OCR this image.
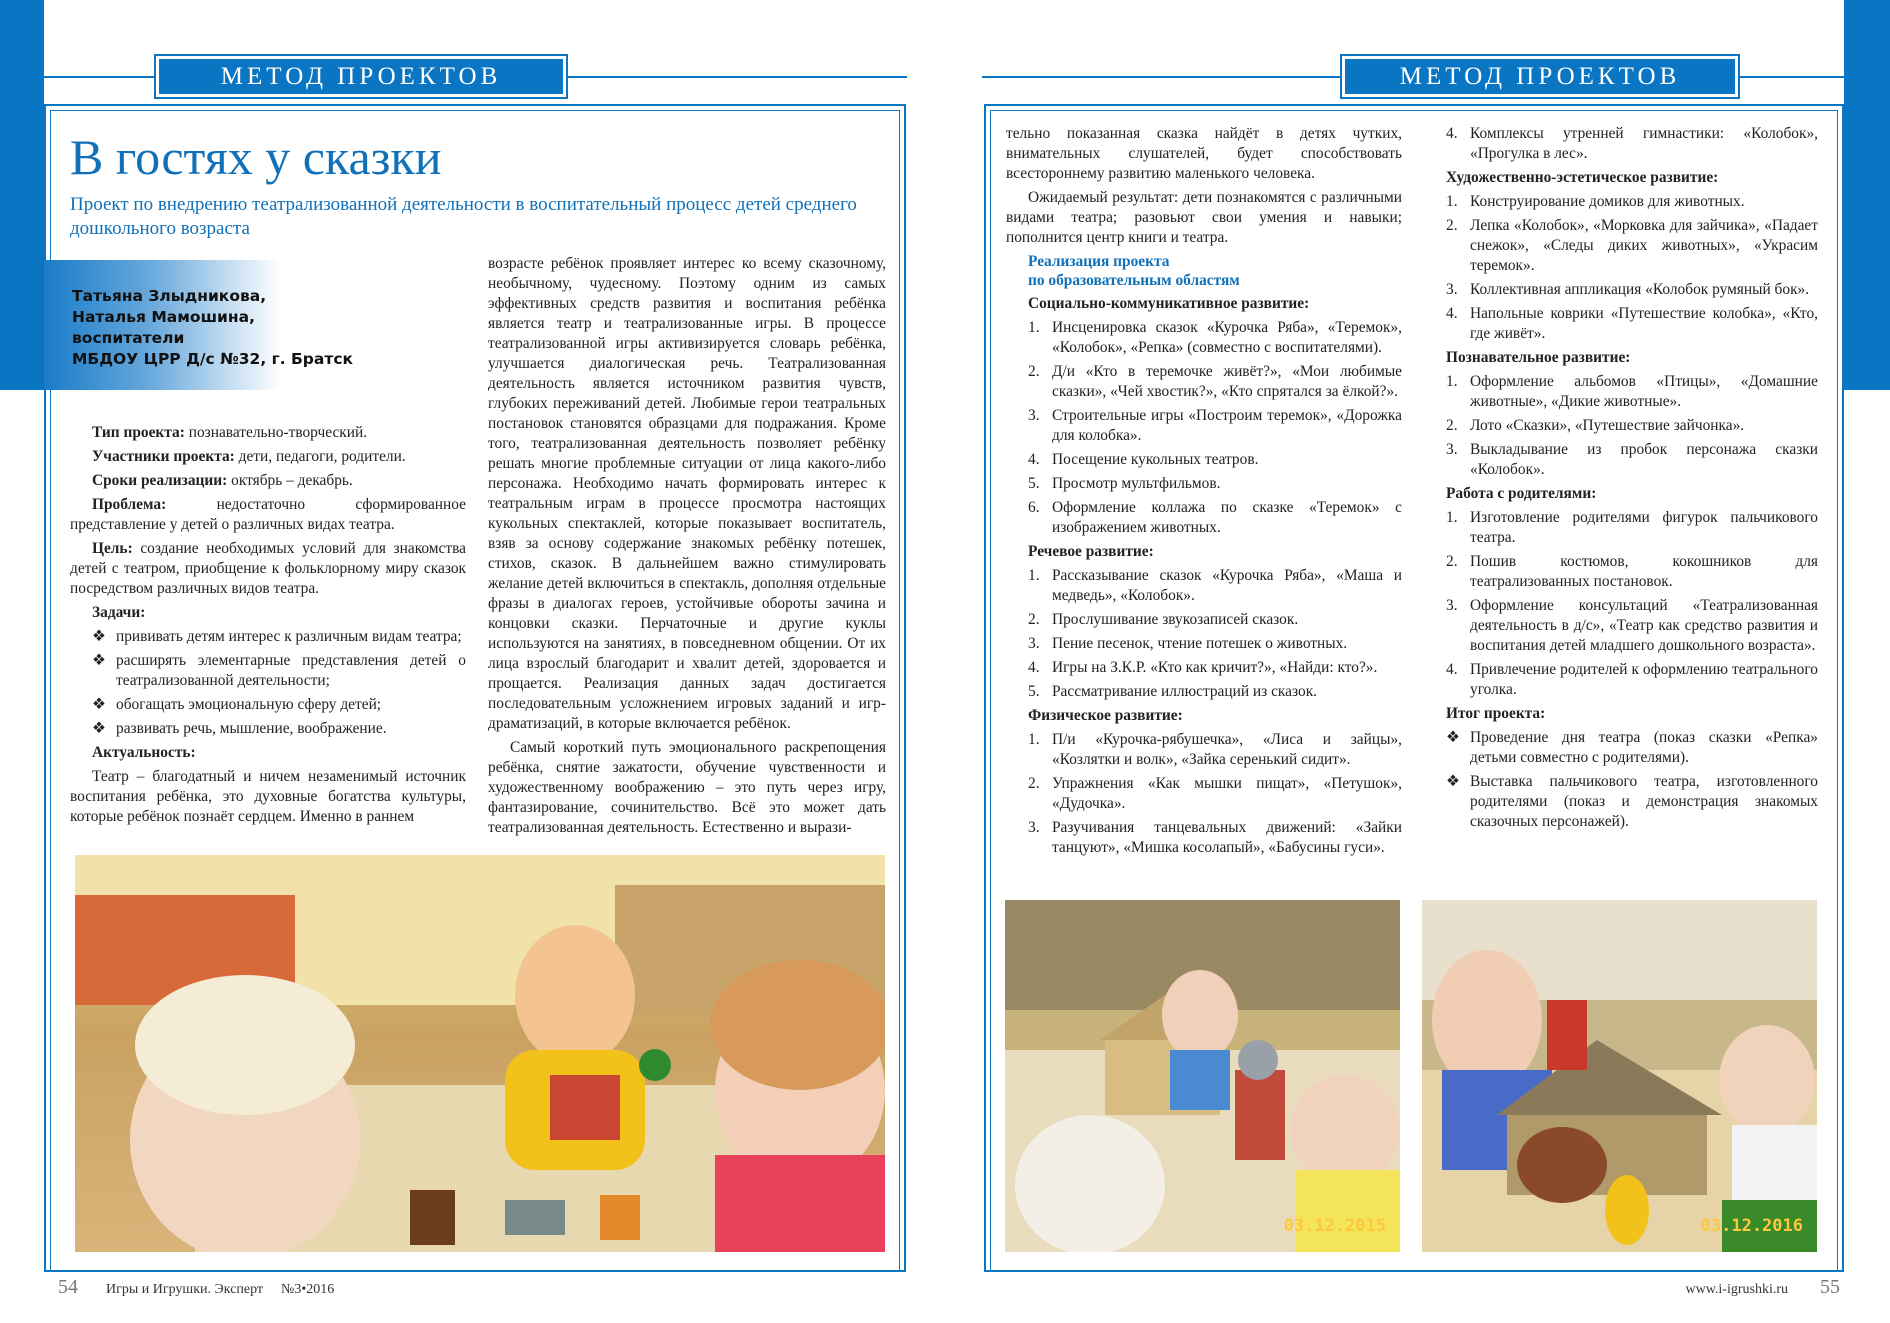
МЕТОД ПРОЕКТОВ	МЕТОД ПРОЕКТОВ
В гостях у сказки
Проект по внедрению театрализованной деятельности в воспитательный процесс детей среднего дошкольного возраста
Татьяна Злыдникова,
Наталья Мамошина,
воспитатели
МБДОУ ЦРР Д/с №32, г. Братск

Тип проекта: познавательно-творческий.

Участники проекта: дети, педагоги, родители.

Сроки реализации: октябрь – декабрь.

Проблема: недостаточно сформированное представление у детей о различных видах театра.

Цель: создание необходимых условий для знакомства детей с театром, приобщение к фольклорному миру сказок посредством различных видов театра.

Задачи:
❖ прививать детям интерес к различным видам театра;
❖ расширять элементарные представления детей о театрализованной деятельности;
❖ обогащать эмоциональную сферу детей;
❖ развивать речь, мышление, воображение.
Актуальность:

Театр – благодатный и ничем незаменимый источник воспитания ребёнка, это духовные богатства культуры, которые ребёнок познаёт сердцем. Именно в раннем

возрасте ребёнок проявляет интерес ко всему сказочному, необычному, чудесному. Поэтому одним из самых эффективных средств развития и воспитания ребёнка является театр и театрализованные игры. В процессе театрализованной игры активизируется словарь ребёнка, улучшается диалогическая речь. Театрализованная деятельность является источником развития чувств, глубоких переживаний детей. Любимые герои театральных постановок становятся образцами для подражания. Кроме того, театрализованная деятельность позволяет ребёнку решать многие проблемные ситуации от лица какого-либо персонажа. Необходимо начать формировать интерес к театральным играм в процессе просмотра настоящих кукольных спектаклей, которые показывает воспитатель, взяв за основу содержание знакомых ребёнку потешек, стихов, сказок. В дальнейшем важно стимулировать желание детей включиться в спектакль, дополняя отдельные фразы в диалогах героев, устойчивые обороты зачина и концовки сказки. Перчаточные и другие куклы используются на занятиях, в повседневном общении. От их лица взрослый благодарит и хвалит детей, здоровается и прощается. Реализация данных задач достигается последовательным усложнением игровых заданий и игр-драматизаций, в которые включается ребёнок.

Самый короткий путь эмоционального раскрепощения ребёнка, снятие зажатости, обучение чувственности и художественному воображению – это путь через игру, фантазирование, сочинительство. Всё это может дать театрализованная деятельность. Естественно и вырази-

тельно показанная сказка найдёт в детях чутких, внимательных слушателей, будет способствовать всестороннему развитию маленького человека.

Ожидаемый результат: дети познакомятся с различными видами театра; разовьют свои умения и навыки; пополнится центр книги и театра.

Реализация проекта
по образовательным областям
Социально-коммуникативное развитие:
1. Инсценировка сказок «Курочка Ряба», «Теремок», «Колобок», «Репка» (совместно с воспитателями).
2. Д/и «Кто в теремочке живёт?», «Мои любимые сказки», «Чей хвостик?», «Кто спрятался за ёлкой?».
3. Строительные игры «Построим теремок», «Дорожка для колобка».
4. Посещение кукольных театров.
5. Просмотр мультфильмов.
6. Оформление коллажа по сказке «Теремок» с изображением животных.
Речевое развитие:
1. Рассказывание сказок «Курочка Ряба», «Маша и медведь», «Колобок».
2. Прослушивание звукозаписей сказок.
3. Пение песенок, чтение потешек о животных.
4. Игры на З.К.Р. «Кто как кричит?», «Найди: кто?».
5. Рассматривание иллюстраций из сказок.
Физическое развитие:
1. П/и «Курочка-рябушечка», «Лиса и зайцы», «Козлятки и волк», «Зайка серенький сидит».
2. Упражнения «Как мышки пищат», «Петушок», «Дудочка».
3. Разучивания танцевальных движений: «Зайки танцуют», «Мишка косолапый», «Бабусины гуси».
4. Комплексы утренней гимнастики: «Колобок», «Прогулка в лес».
Художественно-эстетическое развитие:
1. Конструирование домиков для животных.
2. Лепка «Колобок», «Морковка для зайчика», «Падает снежок», «Следы диких животных», «Украсим теремок».
3. Коллективная аппликация «Колобок румяный бок».
4. Напольные коврики «Путешествие колобка», «Кто, где живёт».
Познавательное развитие:
1. Оформление альбомов «Птицы», «Домашние животные», «Дикие животные».
2. Лото «Сказки», «Путешествие зайчонка».
3. Выкладывание из пробок персонажа сказки «Колобок».
Работа с родителями:
1. Изготовление родителями фигурок пальчикового театра.
2. Пошив костюмов, кокошников для театрализованных постановок.
3. Оформление консультаций «Театрализованная деятельность в д/с», «Театр как средство развития и воспитания детей младшего дошкольного возраста».
4. Привлечение родителей к оформлению театрального уголка.
Итог проекта:
❖ Проведение дня театра (показ сказки «Репка» детьми совместно с родителями).
❖ Выставка пальчикового театра, изготовленного родителями (показ и демонстрация знакомых сказочных персонажей).
03.12.2015	03.12.2016
54 Игры и Игрушки. Эксперт №3•2016	www.i-igrushki.ru 55
